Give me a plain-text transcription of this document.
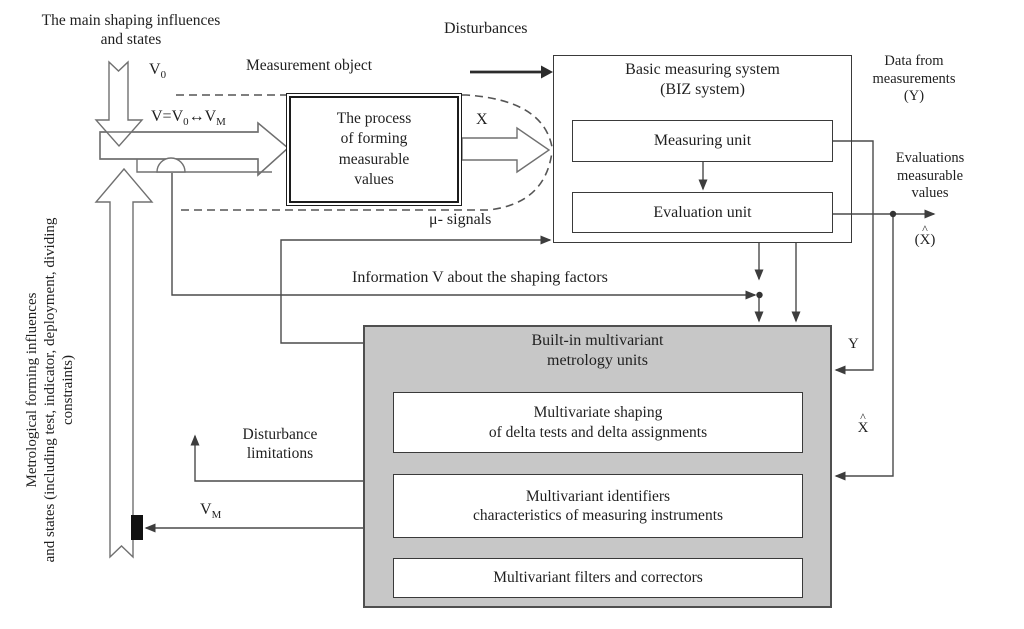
The process
of forming
measurable
values
Basic measuring system
(BIZ system)
Measuring unit
Evaluation unit
Built-in multivariant
metrology units
Multivariate shaping
of delta tests and delta assignments
Multivariant identifiers
characteristics of measuring instruments
Multivariant filters and correctors
The main shaping influences
and states
$V_0$
Measurement object
Disturbances
$V=V_0\leftrightarrow V_M$	X
μ- signals
Information V about the shaping factors
Data from
measurements
(Y)
Evaluations
measurable
values
^
(X)
Y
^
X
Disturbance
limitations
$V_M$
Metrological forming influences and states (including test, indicator, deployment, dividing constraints)
